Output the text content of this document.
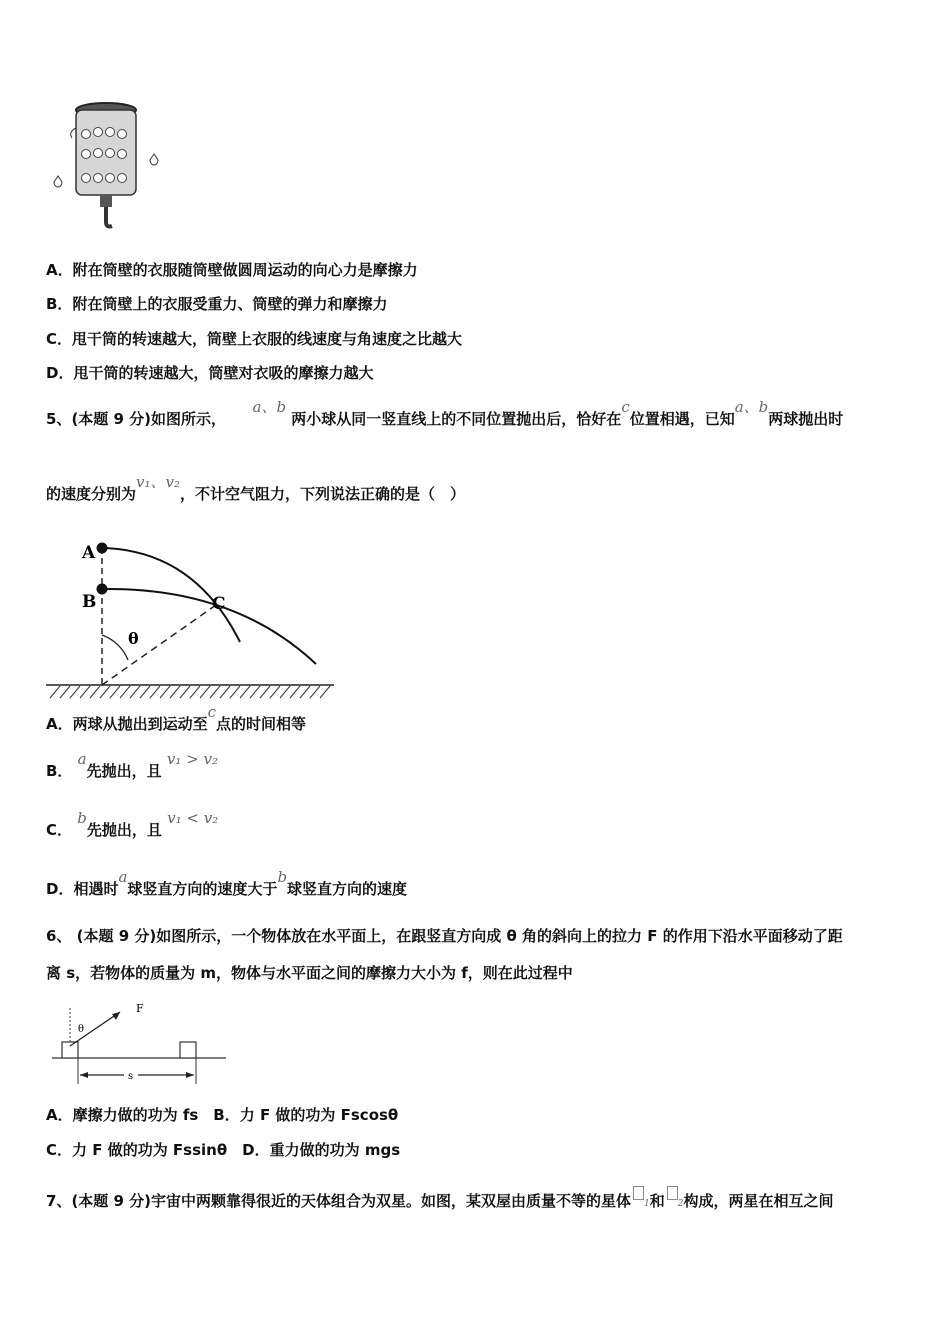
A．附在筒壁的衣服随筒壁做圆周运动的向心力是摩擦力
B．附在筒壁上的衣服受重力、筒壁的弹力和摩擦力
C．甩干筒的转速越大，筒壁上衣服的线速度与角速度之比越大
D．甩干筒的转速越大，筒壁对衣吸的摩擦力越大
5、(本题 9 分)如图所示，  a、b 两小球从同一竖直线上的不同位置抛出后，恰好在c位置相遇，已知a、b两球抛出时
的速度分别为v₁、v₂，不计空气阻力，下列说法正确的是（　）
A
B	C
θ
A．两球从抛出到运动至c点的时间相等
B． a先抛出，且 v₁ > v₂
C． b先抛出，且 v₁ < v₂
D．相遇时a球竖直方向的速度大于b球竖直方向的速度
6、 (本题 9 分)如图所示，一个物体放在水平面上，在跟竖直方向成 θ 角的斜向上的拉力 F 的作用下沿水平面移动了距
离 s，若物体的质量为 m，物体与水平面之间的摩擦力大小为 f，则在此过程中
F
θ
s
A．摩擦力做的功为 fs　B．力 F 做的功为 Fscosθ
C．力 F 做的功为 Fssinθ　D．重力做的功为 mgs
7、(本题 9 分)宇宙中两颗靠得很近的天体组合为双星。如图，某双屋由质量不等的星体 1和 2构成，两星在相互之间
